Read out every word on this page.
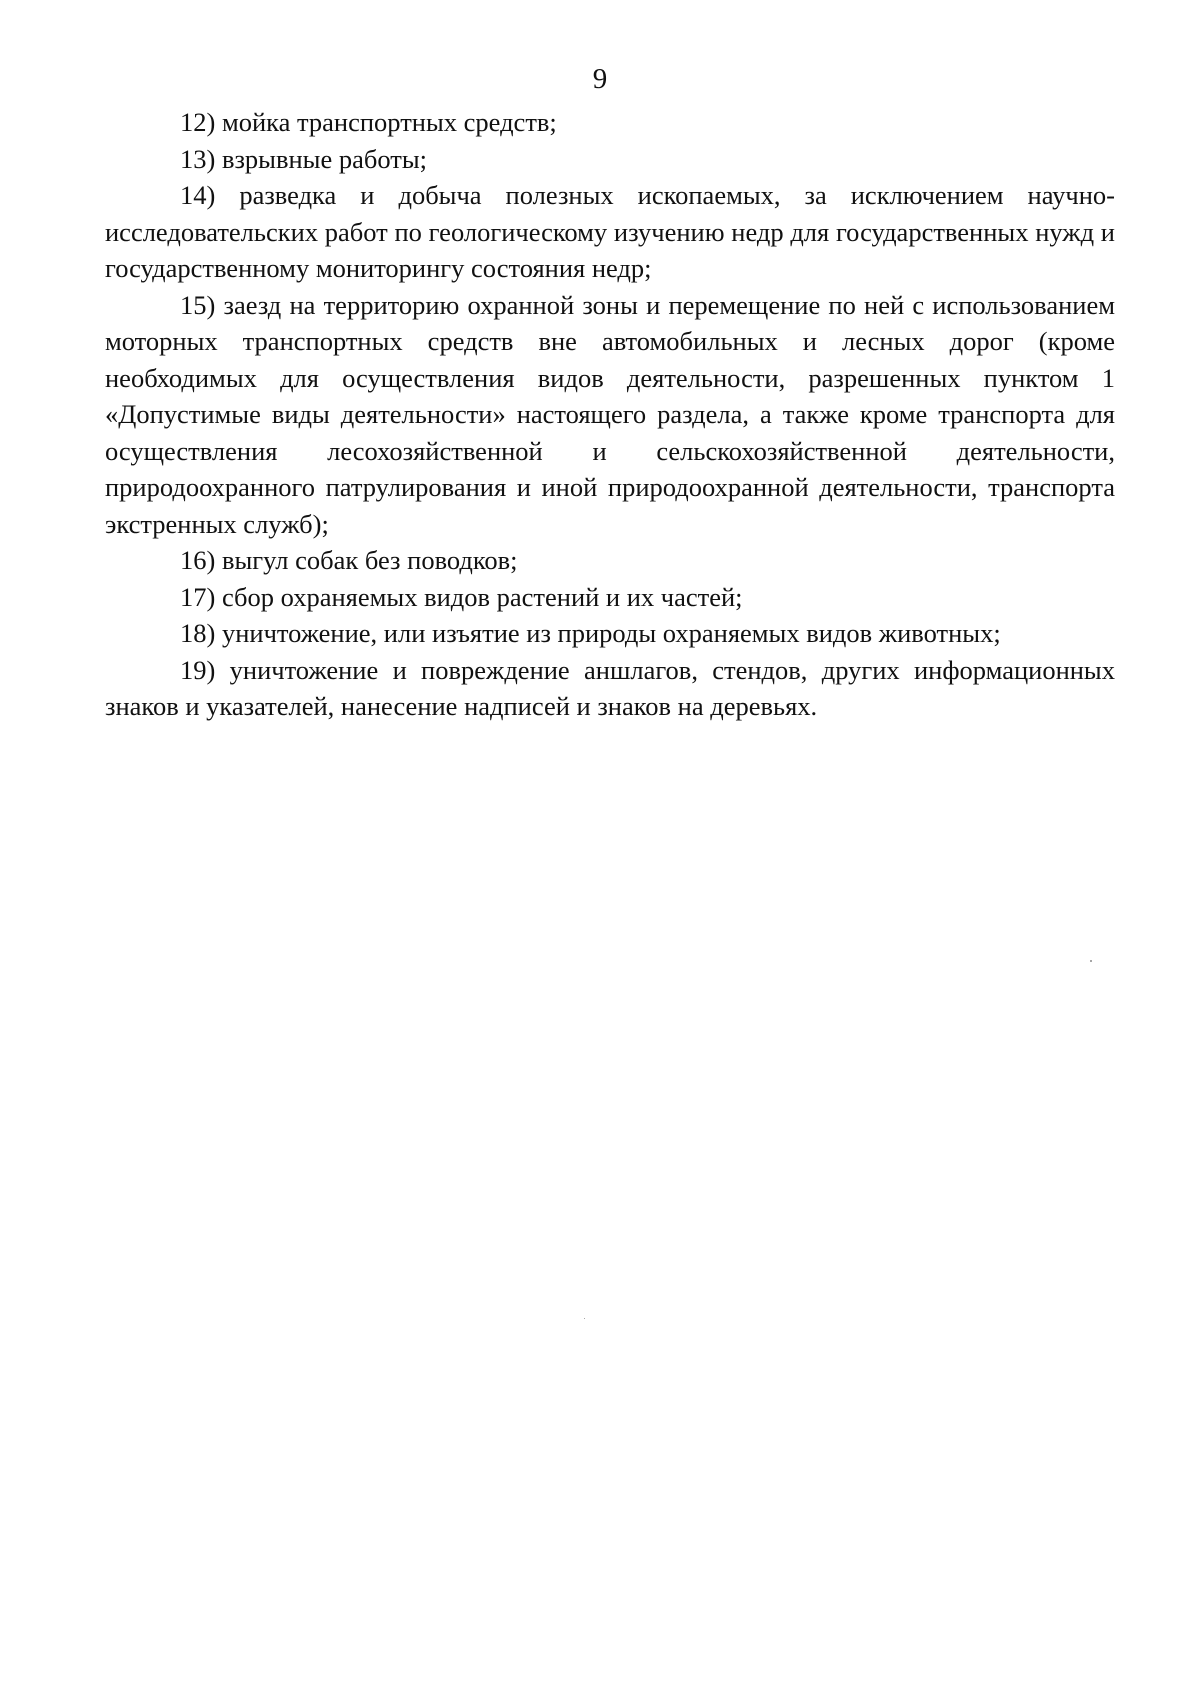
9

12) мойка транспортных средств;

13) взрывные работы;

14) разведка и добыча полезных ископаемых, за исключением научно-исследовательских работ по геологическому изучению недр для государственных нужд и государственному мониторингу состояния недр;

15) заезд на территорию охранной зоны и перемещение по ней с использованием моторных транспортных средств вне автомобильных и лесных дорог (кроме необходимых для осуществления видов деятельности, разрешенных пунктом 1 «Допустимые виды деятельности» настоящего раздела, а также кроме транспорта для осуществления лесохозяйственной и сельскохозяйственной деятельности, природоохранного патрулирования и иной природоохранной деятельности, транспорта экстренных служб);

16) выгул собак без поводков;

17) сбор охраняемых видов растений и их частей;

18) уничтожение, или изъятие из природы охраняемых видов животных;

19) уничтожение и повреждение аншлагов, стендов, других информационных знаков и указателей, нанесение надписей и знаков на деревьях.
